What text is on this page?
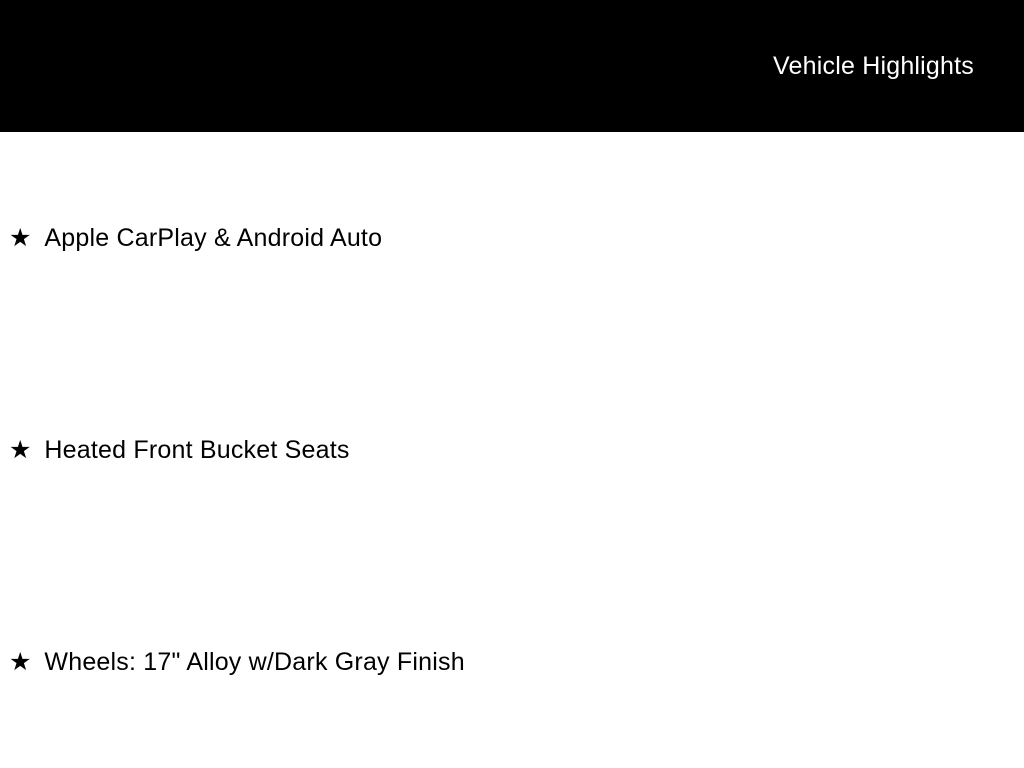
Vehicle Highlights
★ Apple CarPlay & Android Auto
★ Heated Front Bucket Seats
★ Wheels: 17" Alloy w/Dark Gray Finish
